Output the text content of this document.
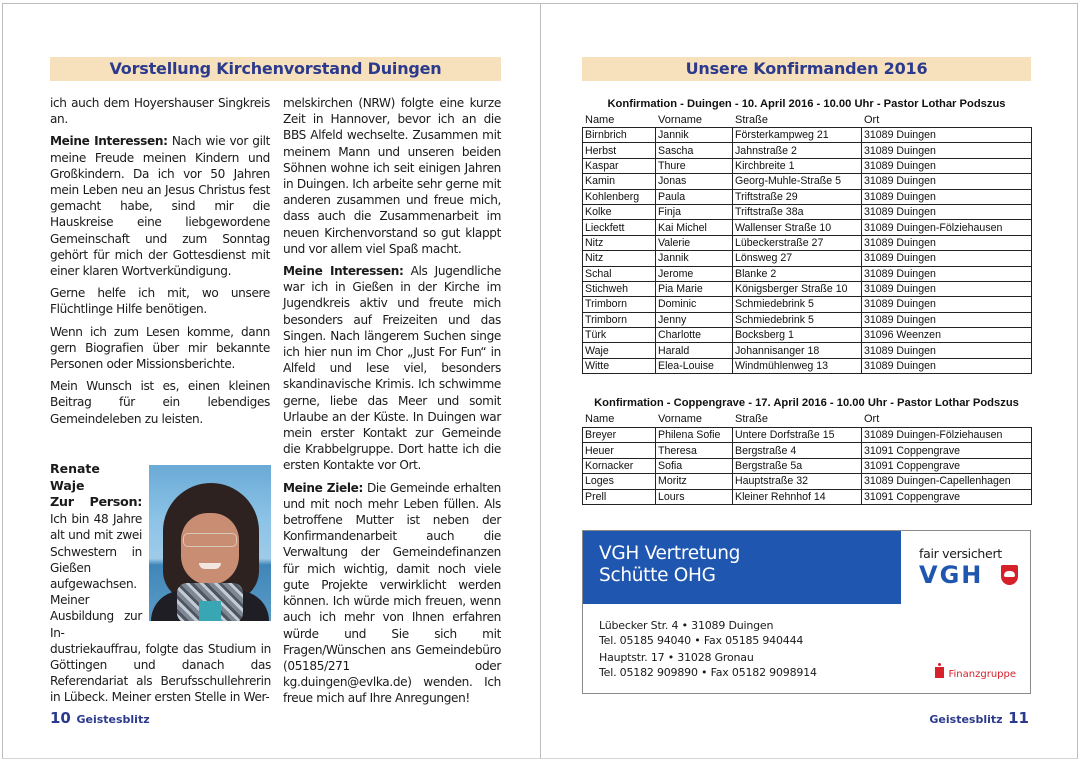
Vorstellung Kirchenvorstand Duingen

ich auch dem Hoyershauser Singkreis an.

Meine Interessen: Nach wie vor gilt meine Freude meinen Kindern und Großkindern. Da ich vor 50 Jahren mein Leben neu an Jesus Christus fest gemacht habe, sind mir die Hauskreise eine liebgewordene Gemeinschaft und zum Sonntag gehört für mich der Gottesdienst mit einer klaren Wortverkündigung.

Gerne helfe ich mit, wo unsere Flüchtlinge Hilfe benötigen.

Wenn ich zum Lesen komme, dann gern Biografien über mir bekannte Personen oder Missionsberichte.

Mein Wunsch ist es, einen kleinen Beitrag für ein lebendiges Gemeindeleben zu leisten.

Renate
Waje
Zur Person: Ich bin 48 Jahre alt und mit zwei Schwestern in Gießen aufgewachsen. Meiner Ausbildung zur In-
dustriekauffrau, folgte das Studium in Göttingen und danach das Referendariat als Berufsschullehrerin in Lübeck. Meiner ersten Stelle in Wer-

melskirchen (NRW) folgte eine kurze Zeit in Hannover, bevor ich an die BBS Alfeld wechselte. Zusammen mit meinem Mann und unseren beiden Söhnen wohne ich seit einigen Jahren in Duingen. Ich arbeite sehr gerne mit anderen zusammen und freue mich, dass auch die Zusammenarbeit im neuen Kirchenvorstand so gut klappt und vor allem viel Spaß macht.

Meine Interessen: Als Jugendliche war ich in Gießen in der Kirche im Jugendkreis aktiv und freute mich besonders auf Freizeiten und das Singen. Nach längerem Suchen singe ich hier nun im Chor „Just For Fun“ in Alfeld und lese viel, besonders skandinavische Krimis. Ich schwimme gerne, liebe das Meer und somit Urlaube an der Küste. In Duingen war mein erster Kontakt zur Gemeinde die Krabbelgruppe. Dort hatte ich die ersten Kontakte vor Ort.

Meine Ziele: Die Gemeinde erhalten und mit noch mehr Leben füllen. Als betroffene Mutter ist neben der Konfirmandenarbeit auch die Verwaltung der Gemeindefinanzen für mich wichtig, damit noch viele gute Projekte verwirklicht werden können. Ich würde mich freuen, wenn auch ich mehr von Ihnen erfahren würde und Sie sich mit Fragen/Wünschen ans Gemeindebüro (05185/271 oder kg.duingen@evlka.de) wenden. Ich freue mich auf Ihre Anregungen!

10 Geistesblitz
Unsere Konfirmanden 2016
Konfirmation - Duingen - 10. April 2016 - 10.00 Uhr - Pastor Lothar Podszus
Name	Vorname	Straße	Ort
Birnbrich	Jannik	Försterkampweg 21	31089 Duingen
Herbst	Sascha	Jahnstraße 2	31089 Duingen
Kaspar	Thure	Kirchbreite 1	31089 Duingen
Kamin	Jonas	Georg-Muhle-Straße 5	31089 Duingen
Kohlenberg	Paula	Triftstraße 29	31089 Duingen
Kolke	Finja	Triftstraße 38a	31089 Duingen
Lieckfett	Kai Michel	Wallenser Straße 10	31089 Duingen-Fölziehausen
Nitz	Valerie	Lübeckerstraße 27	31089 Duingen
Nitz	Jannik	Lönsweg 27	31089 Duingen
Schal	Jerome	Blanke 2	31089 Duingen
Stichweh	Pia Marie	Königsberger Straße 10	31089 Duingen
Trimborn	Dominic	Schmiedebrink 5	31089 Duingen
Trimborn	Jenny	Schmiedebrink 5	31089 Duingen
Türk	Charlotte	Bocksberg 1	31096 Weenzen
Waje	Harald	Johannisanger 18	31089 Duingen
Witte	Elea-Louise	Windmühlenweg 13	31089 Duingen
Konfirmation - Coppengrave - 17. April 2016 - 10.00 Uhr - Pastor Lothar Podszus
Name	Vorname	Straße	Ort
Breyer	Philena Sofie	Untere Dorfstraße 15	31089 Duingen-Fölziehausen
Heuer	Theresa	Bergstraße 4	31091 Coppengrave
Kornacker	Sofia	Bergstraße 5a	31091 Coppengrave
Loges	Moritz	Hauptstraße 32	31089 Duingen-Capellenhagen
Prell	Lours	Kleiner Rehnhof 14	31091 Coppengrave
VGH Vertretung
Schütte OHG
fair versichert
VGH
Lübecker Str. 4 • 31089 Duingen
Tel. 05185 94040 • Fax 05185 940444
Hauptstr. 17 • 31028 Gronau
Tel. 05182 909890 • Fax 05182 9098914	Finanzgruppe
Geistesblitz 11
